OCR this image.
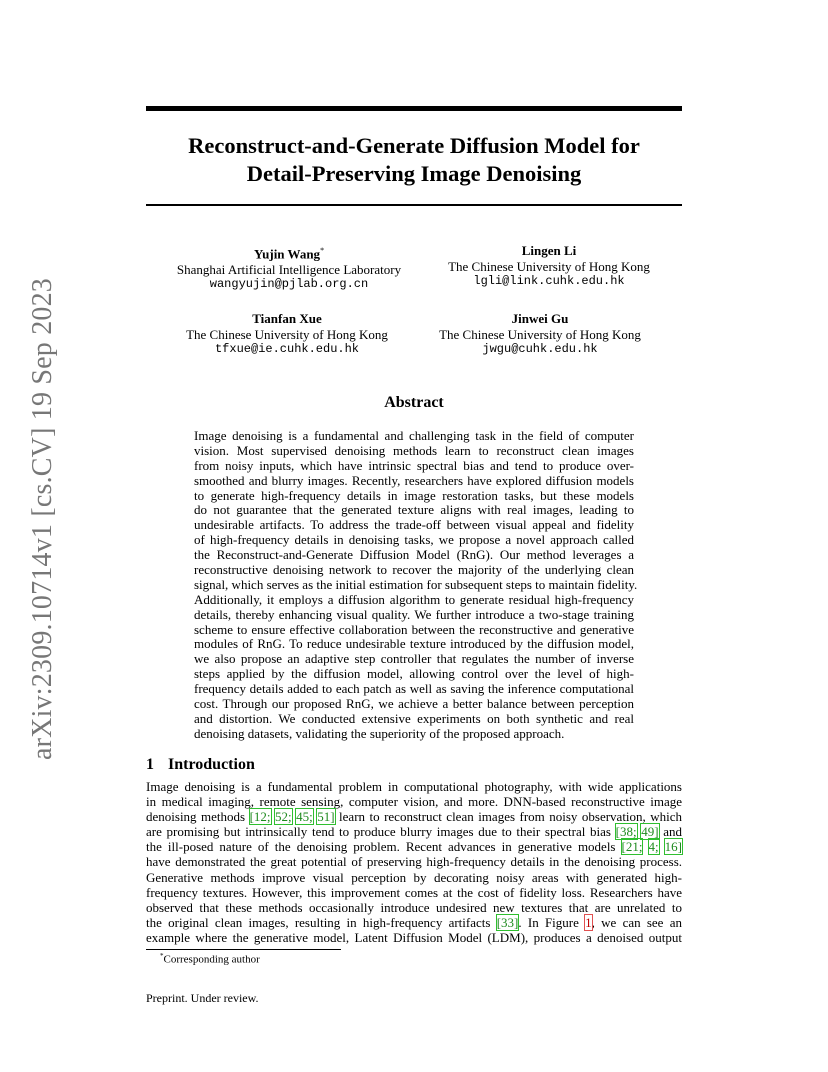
arXiv:2309.10714v1 [cs.CV] 19 Sep 2023
Reconstruct-and-Generate Diffusion Model for
Detail-Preserving Image Denoising
Yujin Wang*
Shanghai Artificial Intelligence Laboratory
wangyujin@pjlab.org.cn
Lingen Li
The Chinese University of Hong Kong
lgli@link.cuhk.edu.hk
Tianfan Xue
The Chinese University of Hong Kong
tfxue@ie.cuhk.edu.hk
Jinwei Gu
The Chinese University of Hong Kong
jwgu@cuhk.edu.hk
Abstract
Image denoising is a fundamental and challenging task in the field of computer
vision. Most supervised denoising methods learn to reconstruct clean images
from noisy inputs, which have intrinsic spectral bias and tend to produce over-
smoothed and blurry images. Recently, researchers have explored diffusion models
to generate high-frequency details in image restoration tasks, but these models
do not guarantee that the generated texture aligns with real images, leading to
undesirable artifacts. To address the trade-off between visual appeal and fidelity
of high-frequency details in denoising tasks, we propose a novel approach called
the Reconstruct-and-Generate Diffusion Model (RnG). Our method leverages a
reconstructive denoising network to recover the majority of the underlying clean
signal, which serves as the initial estimation for subsequent steps to maintain fidelity.
Additionally, it employs a diffusion algorithm to generate residual high-frequency
details, thereby enhancing visual quality. We further introduce a two-stage training
scheme to ensure effective collaboration between the reconstructive and generative
modules of RnG. To reduce undesirable texture introduced by the diffusion model,
we also propose an adaptive step controller that regulates the number of inverse
steps applied by the diffusion model, allowing control over the level of high-
frequency details added to each patch as well as saving the inference computational
cost. Through our proposed RnG, we achieve a better balance between perception
and distortion. We conducted extensive experiments on both synthetic and real
denoising datasets, validating the superiority of the proposed approach.
1 Introduction
Image denoising is a fundamental problem in computational photography, with wide applications
in medical imaging, remote sensing, computer vision, and more. DNN-based reconstructive image
denoising methods [12; 52; 45; 51] learn to reconstruct clean images from noisy observation, which
are promising but intrinsically tend to produce blurry images due to their spectral bias [38; 49] and
the ill-posed nature of the denoising problem. Recent advances in generative models [21; 4; 16]
have demonstrated the great potential of preserving high-frequency details in the denoising process.
Generative methods improve visual perception by decorating noisy areas with generated high-
frequency textures. However, this improvement comes at the cost of fidelity loss. Researchers have
observed that these methods occasionally introduce undesired new textures that are unrelated to
the original clean images, resulting in high-frequency artifacts [33]. In Figure 1, we can see an
example where the generative model, Latent Diffusion Model (LDM), produces a denoised output
*Corresponding author
Preprint. Under review.
